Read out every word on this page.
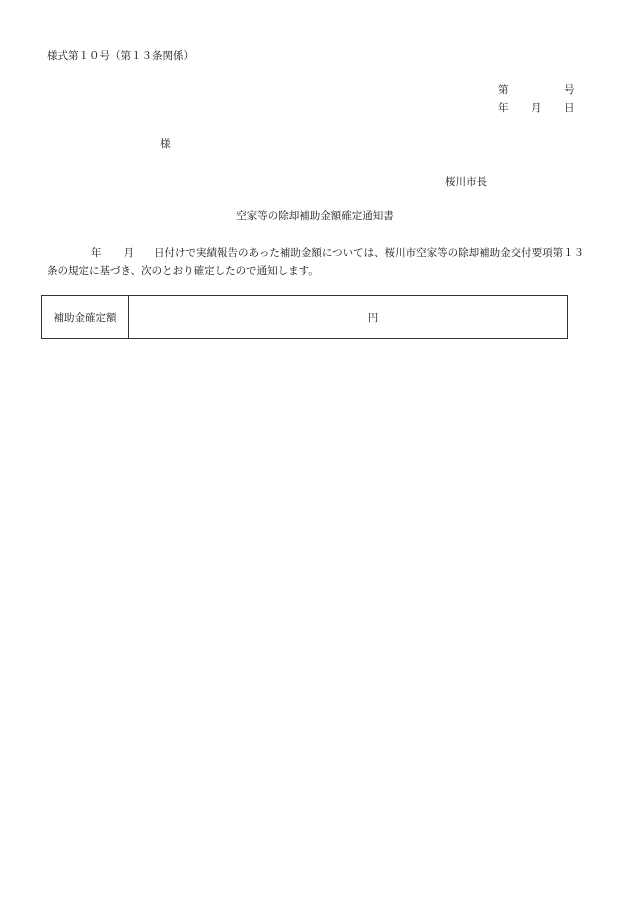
様式第１０号（第１３条関係）
第	号
年 月 日
様
桜川市長
空家等の除却補助金額確定通知書
年 月 日付けで実績報告のあった補助金額については、桜川市空家等の除却補助金交付要項第１３条の規定に基づき、次のとおり確定したので通知します。
補助金確定額	円
